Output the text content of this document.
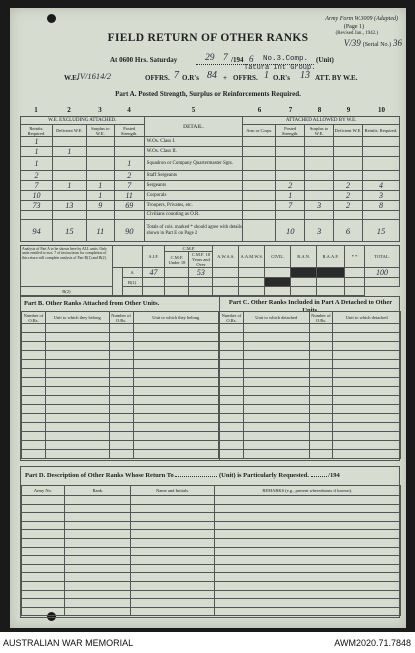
Army Form W.3009 (Adapted)
(Page 1)
(Revised Jan., 1942.)
V/39 (Serial No.) 36
FIELD RETURN OF OTHER RANKS
At 0600 Hrs. Saturday	29 7 /194 6 No.3.Comp. (Unit)
Tatura Int Group.
W.E.
IV/1614/2	OFFRS. 7 O.R's 84 + OFFRS. 1 O.R's 13 ATT. BY W.E.
Part A. Posted Strength, Surplus or Reinforcements Required.
1	2	3	4	5	6	7	8	9	10
W.E. EXCLUDING ATTACHED.				DETAIL.	ATTACHED ALLOWED BY W.E.				
Reinfts. Required.	Deficient W.E.	Surplus to W.E.	Posted Strength.		Arm or Corps.	Posted Strength.	Surplus to W.E.	Deficient W.E.	Reinfts. Required.
1				W.Os. Class I.					
1	1			W.Os. Class II.					
1			1	Squadron or Company Quartermaster Sgts.					
2			2	Staff Sergeants					
7	1	1	7	Sergeants		2		2	4
10		1	11	Corporals		1		2	3
73	13	9	69	Troopers, Privates, etc.		7	3	2	8
				Civilians counting as O.R.					
94	15	11	90	Totals of cols. marked * should agree with details shown in Part E on Page 2		10	3	6	15
Analysis of Part A to be shown here by ALL units. Only units entitled to m.n. 7 of instructions for completion of this return will complete analysis of Part B(1) and B(2).			A.I.F.	C.M.F.		A.W.A.S.	A.A.M.W.S.	CIVIL.	R.A.N.	R.A.A.F.	* *	TOTAL.
				C.M.F. Under 18	C.M.F. 18 Years and Over							
		A	47		53							100
		B(1)										
B(2)												
Part B. Other Ranks Attached from Other Units.	Part C. Other Ranks Included in Part A Detached to Other Units.
Number of O.Rs.	Unit to which they belong	Number of O.Rs.	Unit to which they belong

				Number of O.Rs.	Unit to which detached	Number of O.Rs.	Unit to which detached

Part D. Description of Other Ranks Whose Return To	(Unit) is Particularly Requested.	/194
Army No.	Rank.	Name and Initials.	REMARKS (e.g., present whereabouts if known).

AUSTRALIAN WAR MEMORIAL	AWM2020.71.7848
